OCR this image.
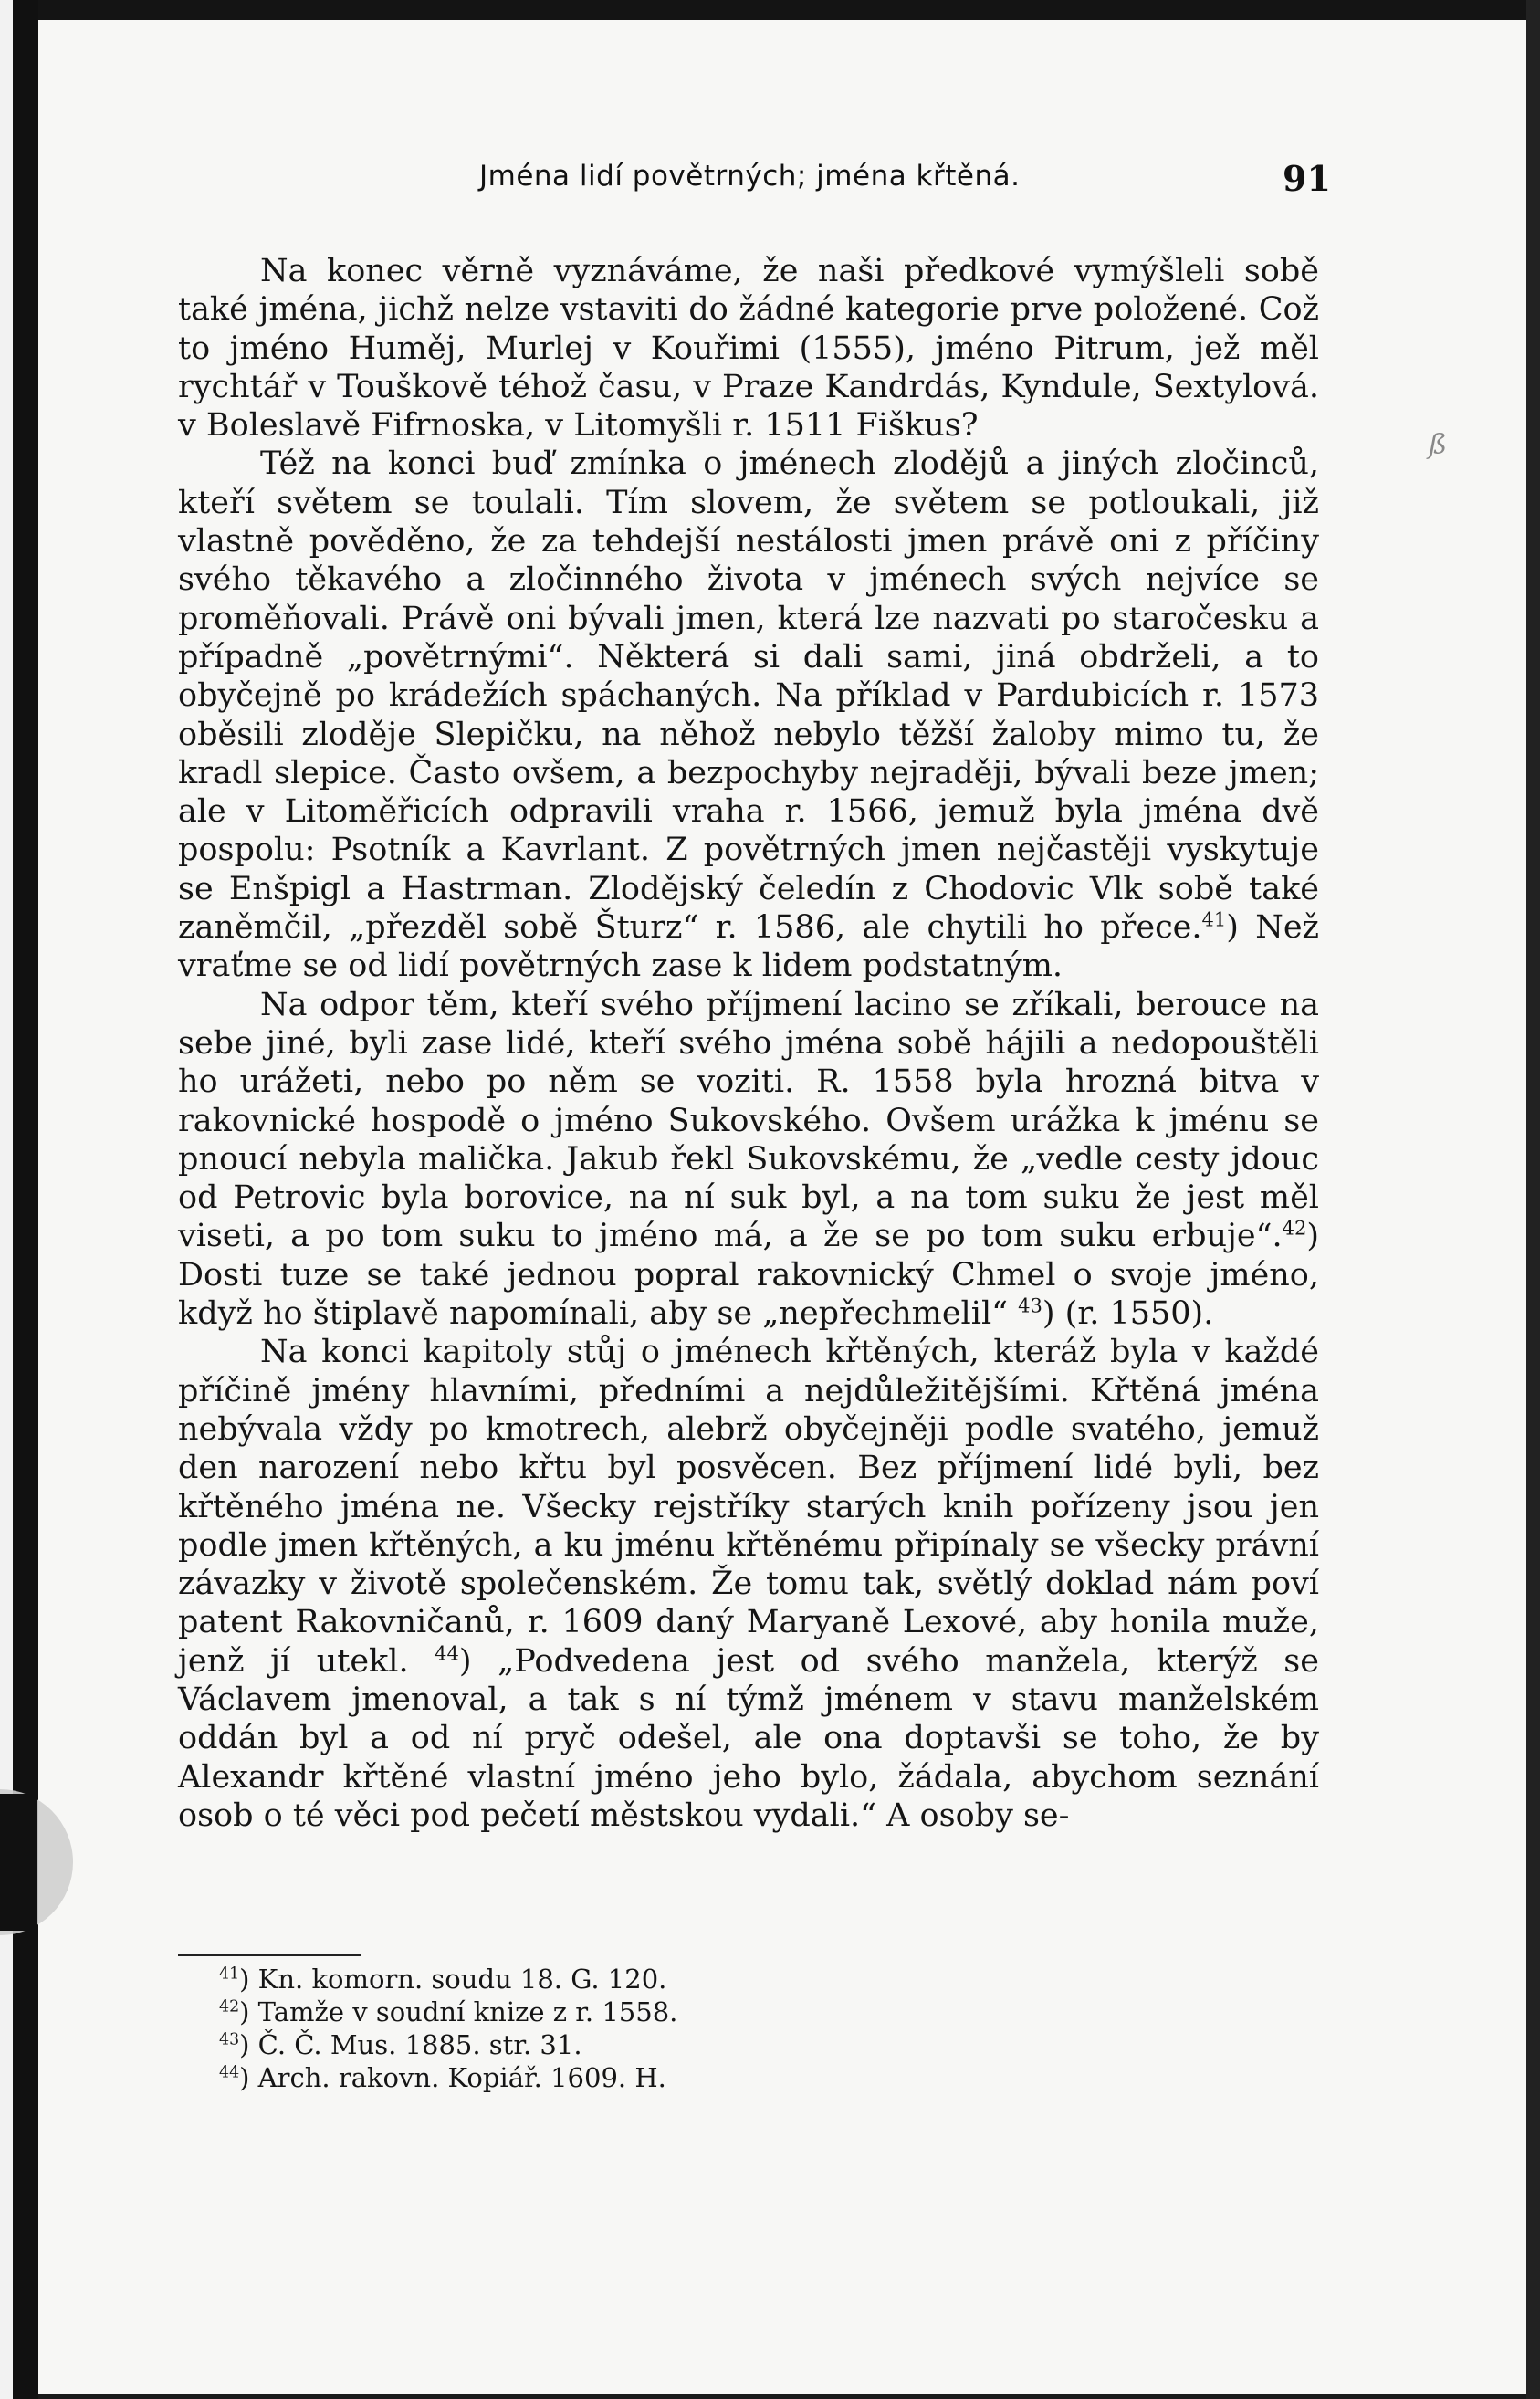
Jména lidí povětrných; jména křtěná.	91
ß

Na konec věrně vyznáváme, že naši předkové vymýšleli sobě také jména, jichž nelze vstaviti do žádné kategorie prve položené. Což to jméno Huměj, Murlej v Kouřimi (1555), jméno Pitrum, jež měl rychtář v Touškově téhož času, v Praze Kandrdás, Kyndule, Sextylová. v Boleslavě Fifrnoska, v Litomyšli r. 1511 Fiškus?

Též na konci buď zmínka o jménech zlodějů a jiných zločinců, kteří světem se toulali. Tím slovem, že světem se potloukali, již vlastně pověděno, že za tehdejší nestálosti jmen právě oni z příčiny svého těkavého a zločinného života v jménech svých nejvíce se proměňovali. Právě oni bývali jmen, která lze nazvati po staročesku a případně „povětrnými“. Některá si dali sami, jiná obdrželi, a to obyčejně po krádežích spáchaných. Na příklad v Pardubicích r. 1573 oběsili zloděje Slepičku, na něhož nebylo těžší žaloby mimo tu, že kradl slepice. Často ovšem, a bezpochyby nejraději, bývali beze jmen; ale v Litoměřicích odpravili vraha r. 1566, jemuž byla jména dvě pospolu: Psotník a Kavrlant. Z povětrných jmen nejčastěji vyskytuje se Enšpigl a Hastrman. Zlodějský čeledín z Chodovic Vlk sobě také zaněmčil, „přezděl sobě Šturz“ r. 1586, ale chytili ho přece.$^{41}$) Než vraťme se od lidí povětrných zase k lidem podstatným.

Na odpor těm, kteří svého příjmení lacino se zříkali, berouce na sebe jiné, byli zase lidé, kteří svého jména sobě hájili a nedopouštěli ho urážeti, nebo po něm se voziti. R. 1558 byla hrozná bitva v rakovnické hospodě o jméno Sukovského. Ovšem urážka k jménu se pnoucí nebyla malička. Jakub řekl Sukovskému, že „vedle cesty jdouc od Petrovic byla borovice, na ní suk byl, a na tom suku že jest měl viseti, a po tom suku to jméno má, a že se po tom suku erbuje“.$^{42}$) Dosti tuze se také jednou popral rakovnický Chmel o svoje jméno, když ho štiplavě napomínali, aby se „nepřechmelil“ $^{43}$) (r. 1550).

Na konci kapitoly stůj o jménech křtěných, kteráž byla v každé příčině jmény hlavními, předními a nejdůležitějšími. Křtěná jména nebývala vždy po kmotrech, alebrž obyčejněji podle svatého, jemuž den narození nebo křtu byl posvěcen. Bez příjmení lidé byli, bez křtěného jména ne. Všecky rejstříky starých knih pořízeny jsou jen podle jmen křtěných, a ku jménu křtěnému připínaly se všecky právní závazky v životě společenském. Že tomu tak, světlý doklad nám poví patent Rakovničanů, r. 1609 daný Maryaně Lexové, aby honila muže, jenž jí utekl. $^{44}$) „Podvedena jest od svého manžela, kterýž se Václavem jmenoval, a tak s ní týmž jménem v stavu manželském oddán byl a od ní pryč odešel, ale ona doptavši se toho, že by Alexandr křtěné vlastní jméno jeho bylo, žádala, abychom seznání osob o té věci pod pečetí městskou vydali.“ A osoby se-

$^{41}$) Kn. komorn. soudu 18. G. 120.
$^{42}$) Tamže v soudní knize z r. 1558.
$^{43}$) Č. Č. Mus. 1885. str. 31.
$^{44}$) Arch. rakovn. Kopiář. 1609. H.
